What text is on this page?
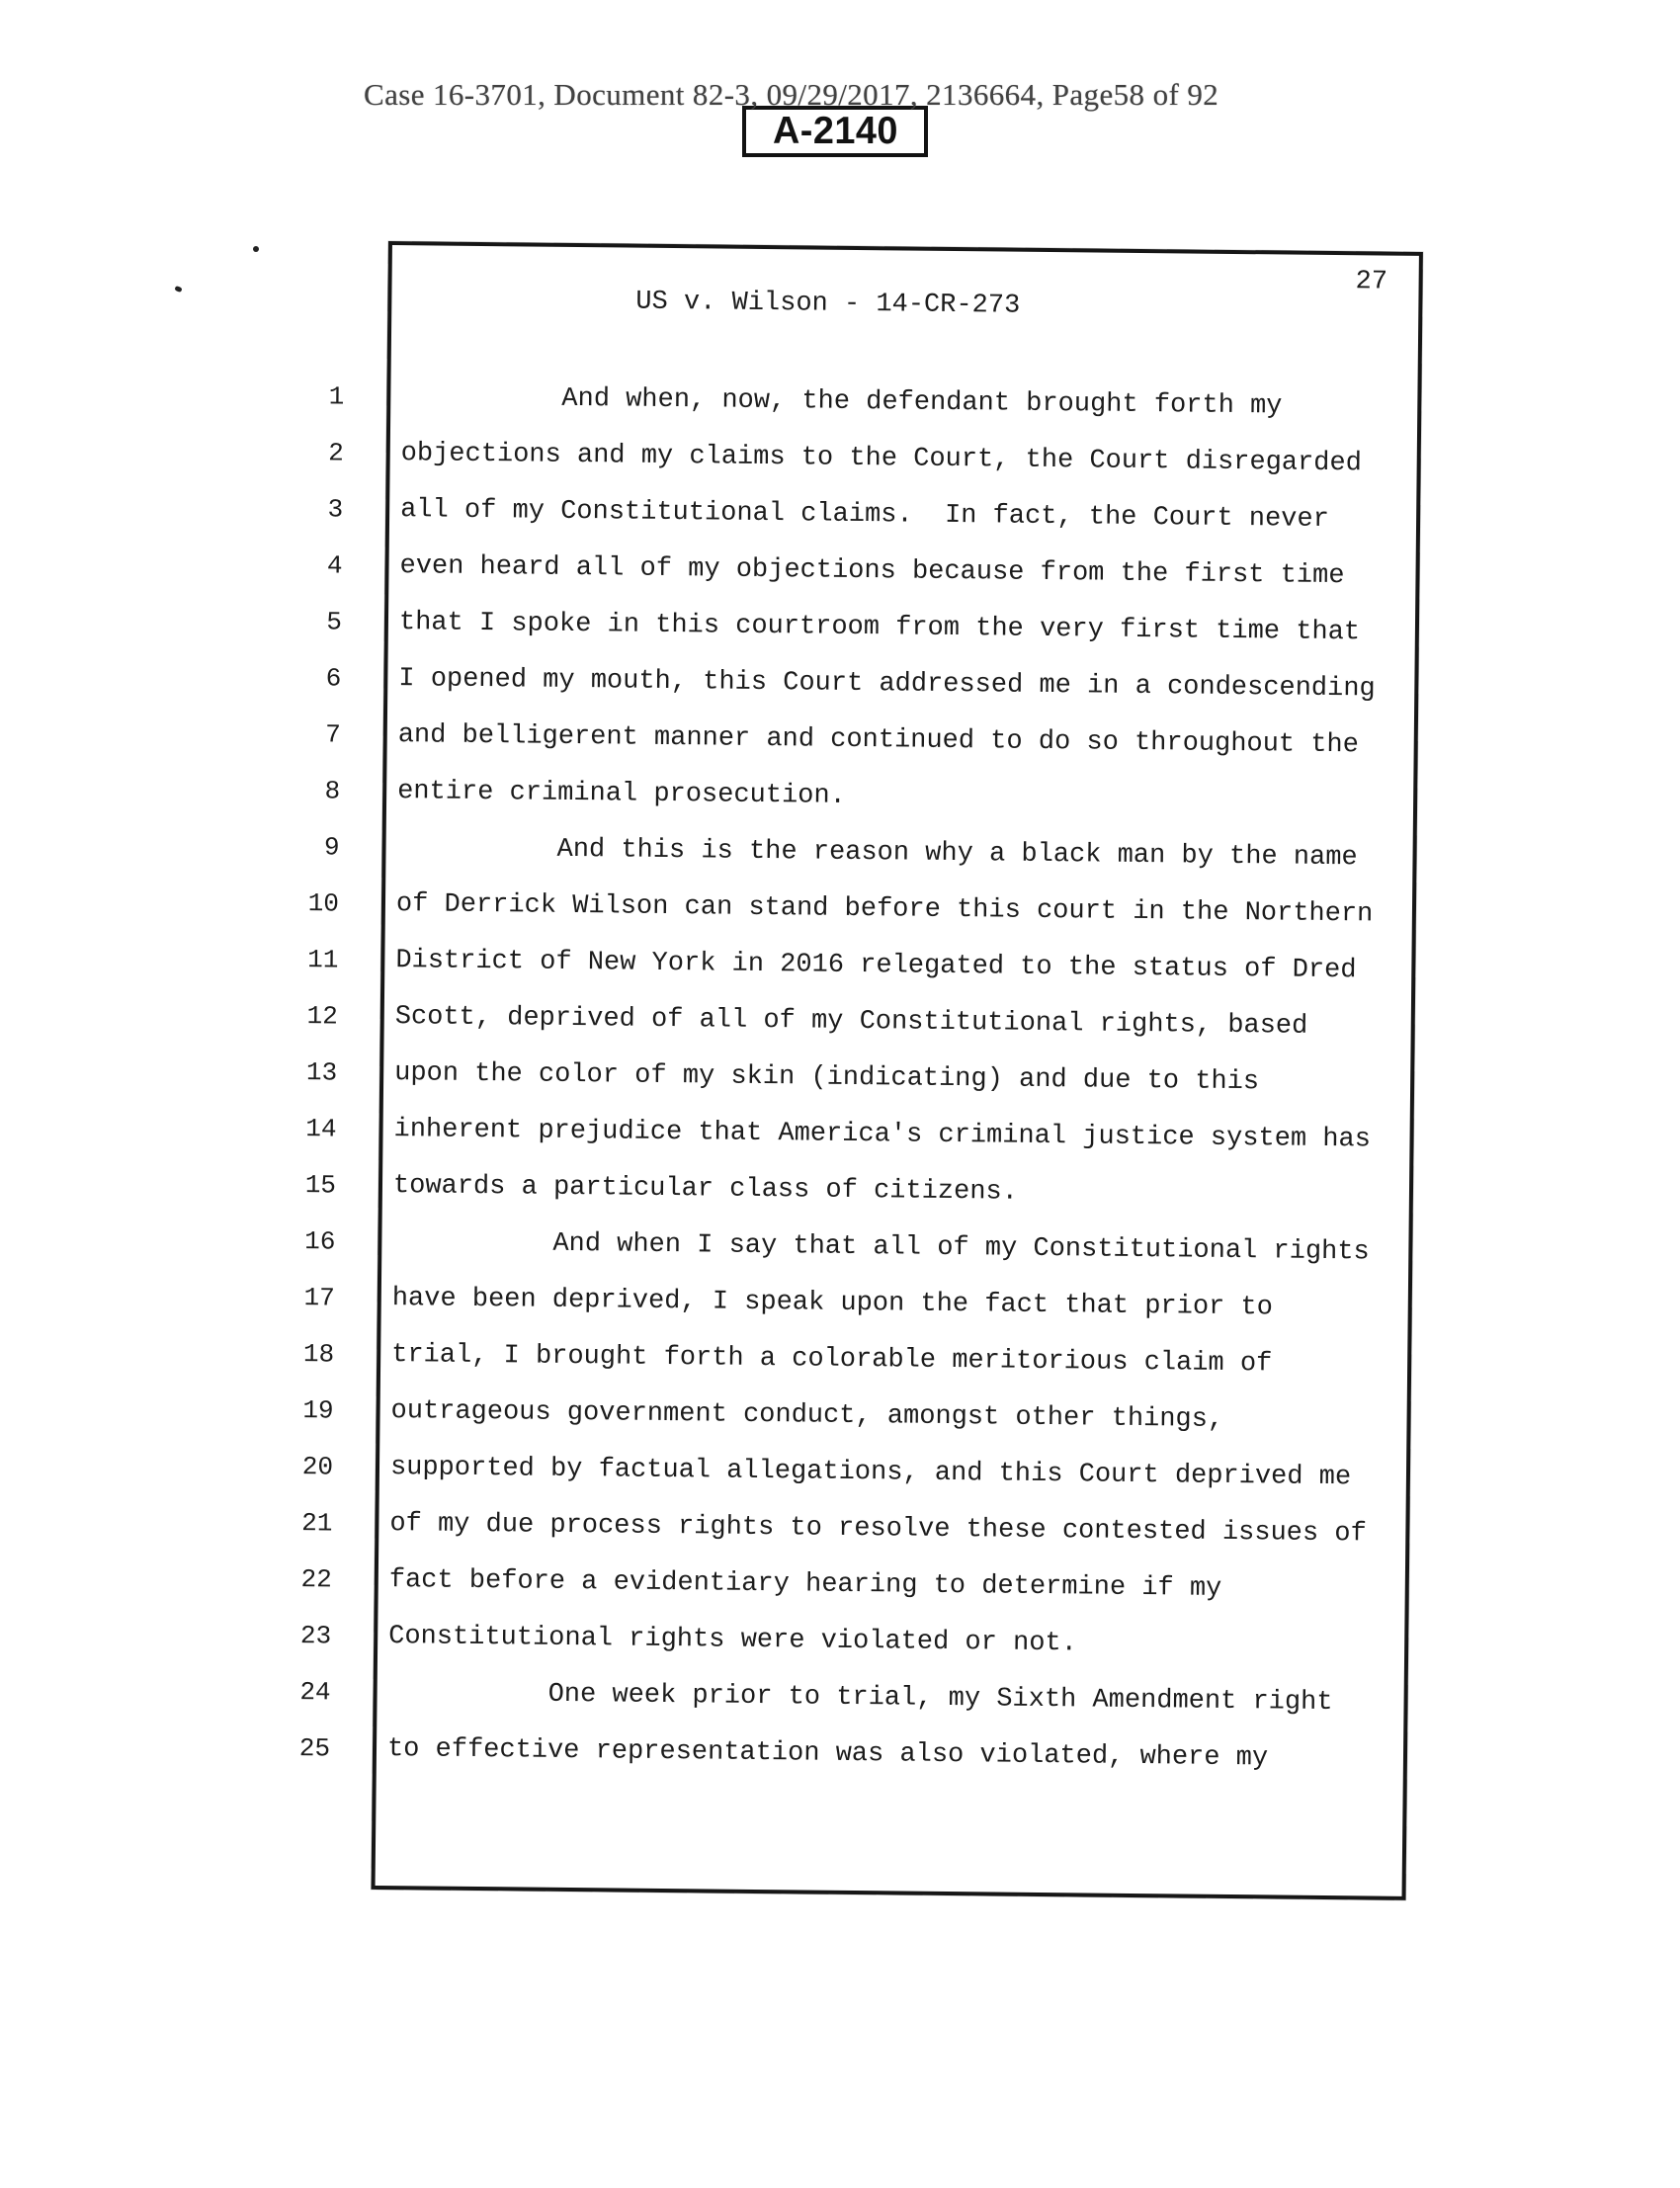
Case 16-3701, Document 82-3, 09/29/2017, 2136664, Page58 of 92
A-2140
27
US v. Wilson - 14-CR-273
1 And when, now, the defendant brought forth my
2 objections and my claims to the Court, the Court disregarded
3 all of my Constitutional claims.  In fact, the Court never
4 even heard all of my objections because from the first time
5 that I spoke in this courtroom from the very first time that
6 I opened my mouth, this Court addressed me in a condescending
7 and belligerent manner and continued to do so throughout the
8 entire criminal prosecution.
9 And this is the reason why a black man by the name
10 of Derrick Wilson can stand before this court in the Northern
11 District of New York in 2016 relegated to the status of Dred
12 Scott, deprived of all of my Constitutional rights, based
13 upon the color of my skin (indicating) and due to this
14 inherent prejudice that America's criminal justice system has
15 towards a particular class of citizens.
16 And when I say that all of my Constitutional rights
17 have been deprived, I speak upon the fact that prior to
18 trial, I brought forth a colorable meritorious claim of
19 outrageous government conduct, amongst other things,
20 supported by factual allegations, and this Court deprived me
21 of my due process rights to resolve these contested issues of
22 fact before a evidentiary hearing to determine if my
23 Constitutional rights were violated or not.
24 One week prior to trial, my Sixth Amendment right
25 to effective representation was also violated, where my
